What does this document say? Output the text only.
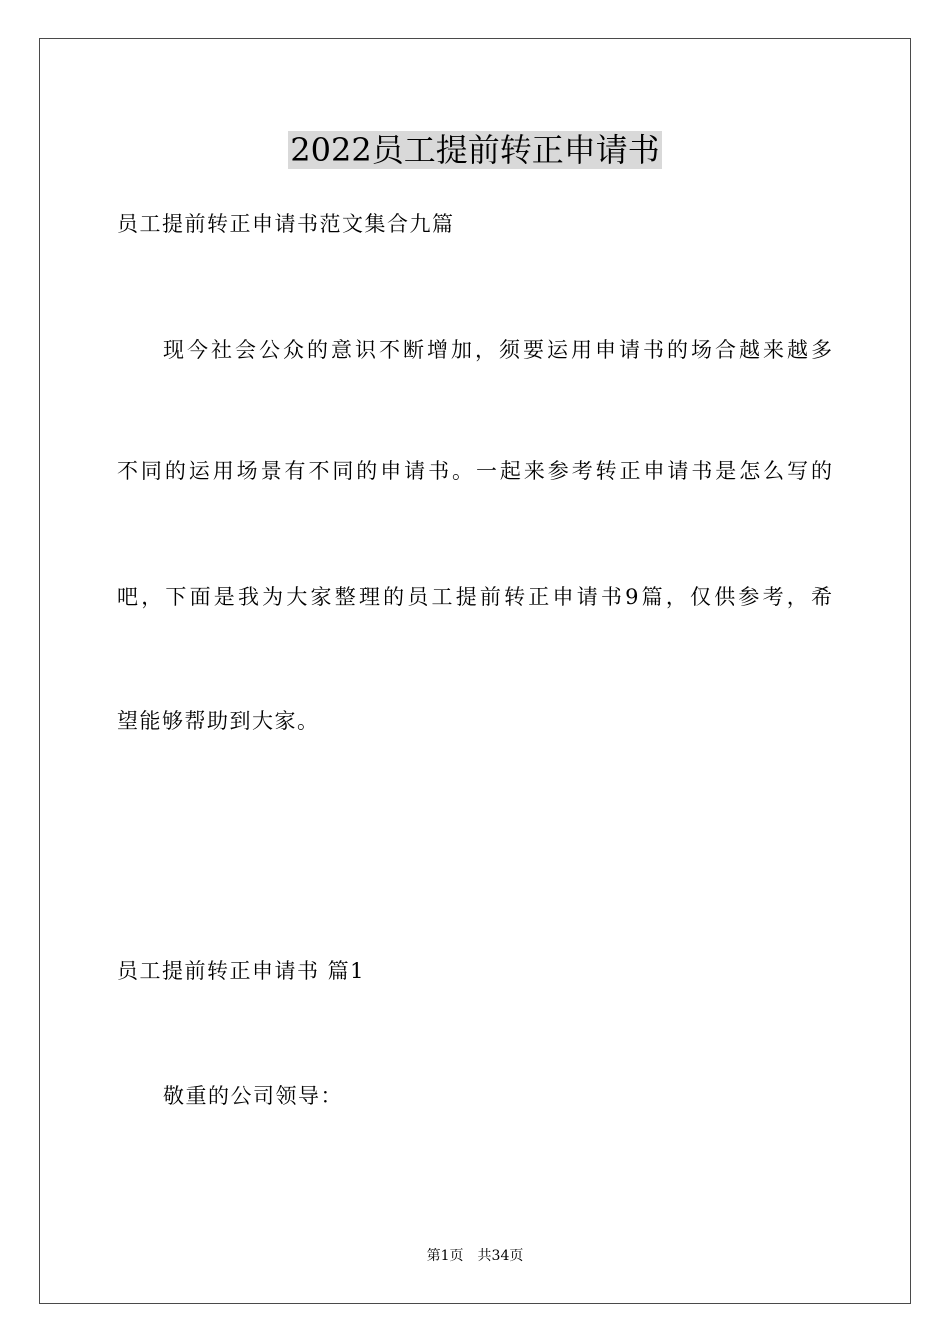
2022员工提前转正申请书
员工提前转正申请书范文集合九篇
现今社会公众的意识不断增加，须要运用申请书的场合越来越多
不同的运用场景有不同的申请书。一起来参考转正申请书是怎么写的
吧，下面是我为大家整理的员工提前转正申请书9篇，仅供参考，希
望能够帮助到大家。
员工提前转正申请书 篇1
敬重的公司领导：
第1页　共34页
